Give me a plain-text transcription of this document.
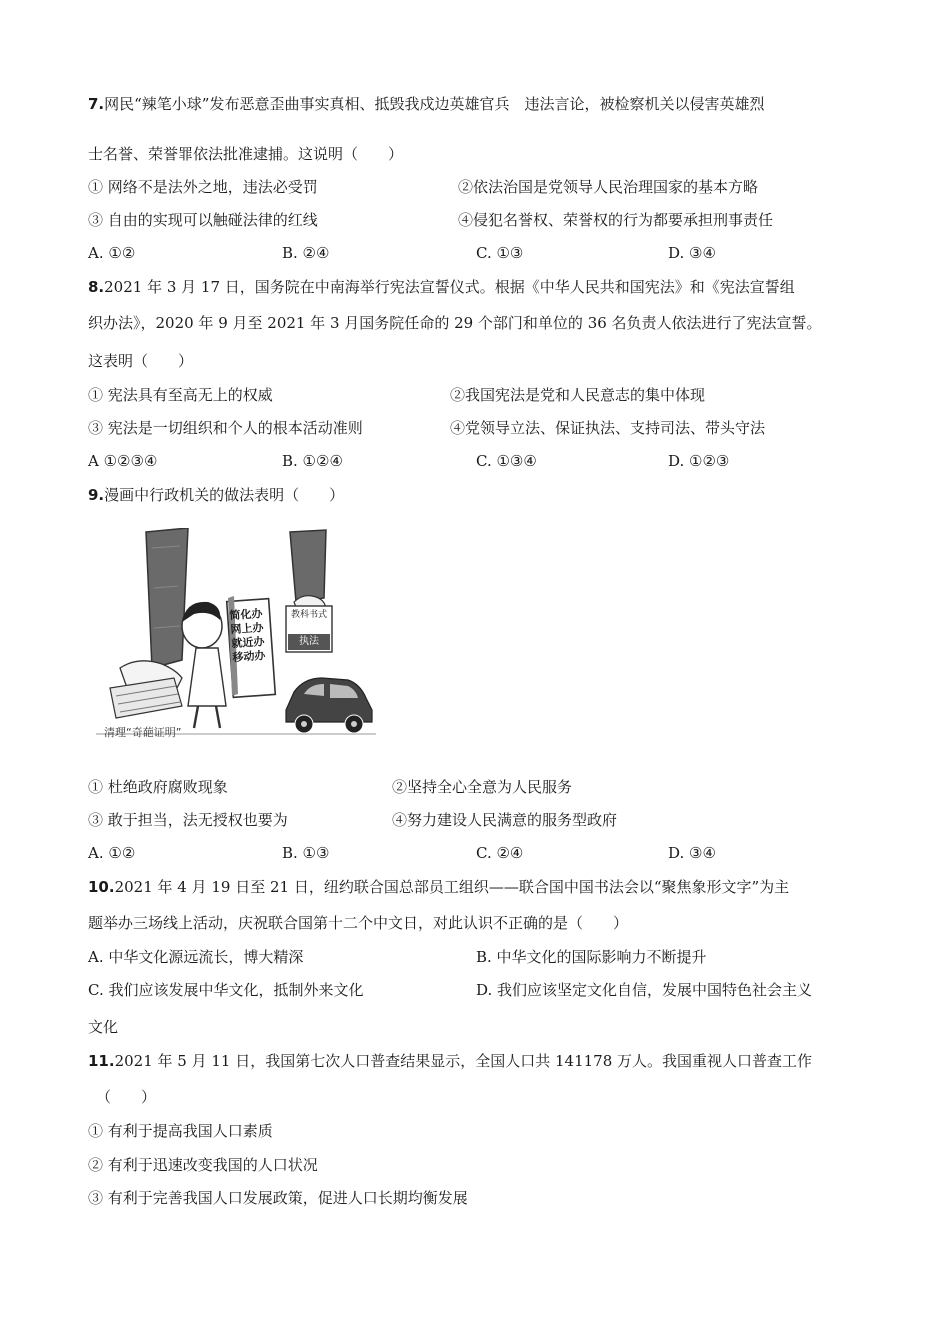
7.网民“辣笔小球”发布恶意歪曲事实真相、抵毁我戍边英雄官兵　违法言论，被检察机关以侵害英雄烈
士名誉、荣誉罪依法批准逮捕。这说明（　　）
① 网络不是法外之地，违法必受罚	②依法治国是党领导人民治理国家的基本方略
③ 自由的实现可以触碰法律的红线	④侵犯名誉权、荣誉权的行为都要承担刑事责任
A. ①②	B. ②④	C. ①③	D. ③④
8.2021 年 3 月 17 日，国务院在中南海举行宪法宣誓仪式。根据《中华人民共和国宪法》和《宪法宣誓组
织办法》，2020 年 9 月至 2021 年 3 月国务院任命的 29 个部门和单位的 36 名负责人依法进行了宪法宣誓。
这表明（　　）
① 宪法具有至高无上的权威	②我国宪法是党和人民意志的集中体现
③ 宪法是一切组织和个人的根本活动准则	④党领导立法、保证执法、支持司法、带头守法
A ①②③④	B. ①②④	C. ①③④	D. ①②③
9.漫画中行政机关的做法表明（　　）
简化办
网上办
就近办
移动办
教科书式
执法
清理“奇葩证明”
① 杜绝政府腐败现象	②坚持全心全意为人民服务
③ 敢于担当，法无授权也要为	④努力建设人民满意的服务型政府
A. ①②	B. ①③	C. ②④	D. ③④
10.2021 年 4 月 19 日至 21 日，纽约联合国总部员工组织——联合国中国书法会以“聚焦象形文字”为主
题举办三场线上活动，庆祝联合国第十二个中文日，对此认识不正确的是（　　）
A. 中华文化源远流长，博大精深	B. 中华文化的国际影响力不断提升
C. 我们应该发展中华文化，抵制外来文化	D. 我们应该坚定文化自信，发展中国特色社会主义
文化
11.2021 年 5 月 11 日，我国第七次人口普查结果显示，全国人口共 141178 万人。我国重视人口普查工作
（　　）
① 有利于提高我国人口素质
② 有利于迅速改变我国的人口状况
③ 有利于完善我国人口发展政策，促进人口长期均衡发展
